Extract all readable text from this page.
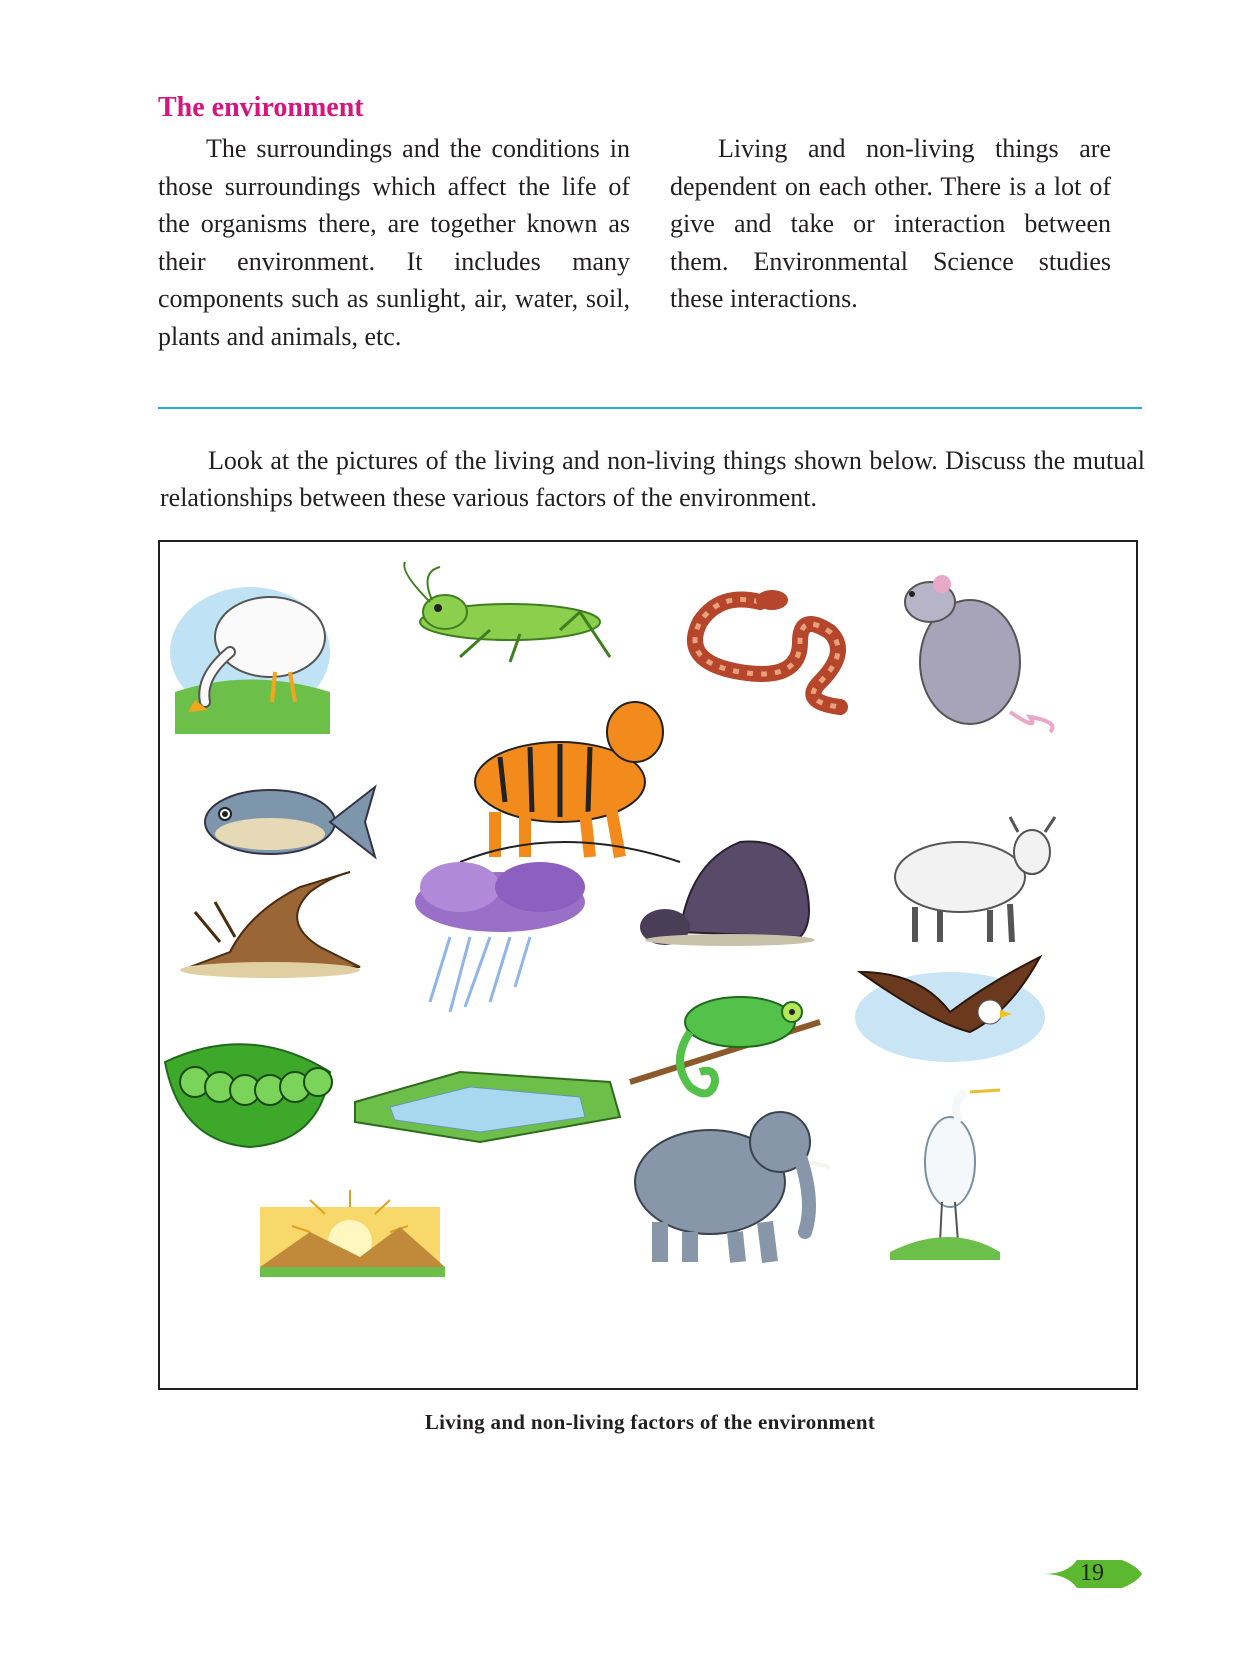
The environment

The surroundings and the conditions in those surroundings which affect the life of the organisms there, are together known as their environment. It includes many components such as sunlight, air, water, soil, plants and animals, etc.

Living and non-living things are dependent on each other. There is a lot of give and take or interaction between them. Environmental Science studies these interactions.

Look at the pictures of the living and non-living things shown below. Discuss the mutual relationships between these various factors of the environment.

Living and non-living factors of the environment
19
